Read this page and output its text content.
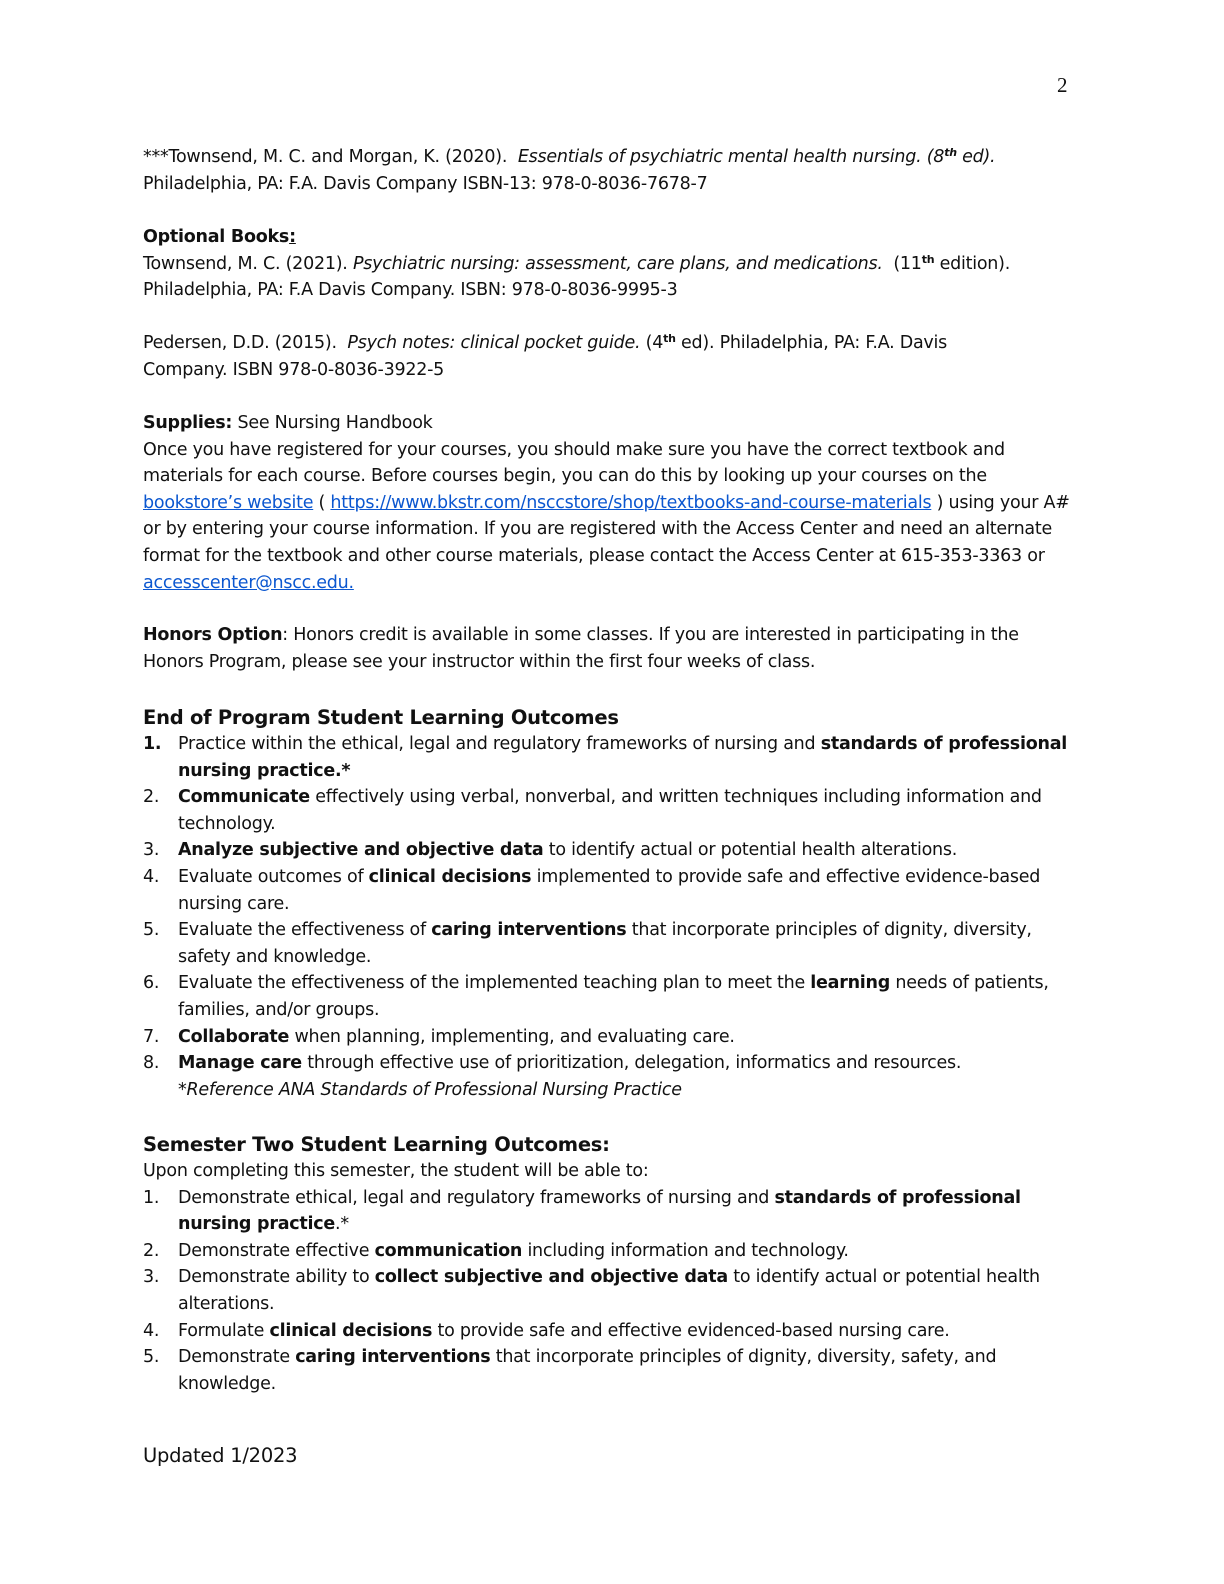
2

***Townsend, M. C. and Morgan, K. (2020). Essentials of psychiatric mental health nursing. (8th ed).

Philadelphia, PA: F.A. Davis Company ISBN-13: 978-0-8036-7678-7

Optional Books:

Townsend, M. C. (2021). Psychiatric nursing: assessment, care plans, and medications. (11th edition).

Philadelphia, PA: F.A Davis Company. ISBN: 978-0-8036-9995-3

Pedersen, D.D. (2015). Psych notes: clinical pocket guide. (4th ed). Philadelphia, PA: F.A. Davis

Company. ISBN 978-0-8036-3922-5

Supplies: See Nursing Handbook

Once you have registered for your courses, you should make sure you have the correct textbook and materials for each course. Before courses begin, you can do this by looking up your courses on the bookstore’s website ( https://www.bkstr.com/nsccstore/shop/textbooks-and-course-materials ) using your A# or by entering your course information. If you are registered with the Access Center and need an alternate format for the textbook and other course materials, please contact the Access Center at 615-353-3363 or accesscenter@nscc.edu.

Honors Option: Honors credit is available in some classes. If you are interested in participating in the Honors Program, please see your instructor within the first four weeks of class.

End of Program Student Learning Outcomes

1. Practice within the ethical, legal and regulatory frameworks of nursing and standards of professional nursing practice.*
2. Communicate effectively using verbal, nonverbal, and written techniques including information and technology.
3. Analyze subjective and objective data to identify actual or potential health alterations.
4. Evaluate outcomes of clinical decisions implemented to provide safe and effective evidence-based nursing care.
5. Evaluate the effectiveness of caring interventions that incorporate principles of dignity, diversity, safety and knowledge.
6. Evaluate the effectiveness of the implemented teaching plan to meet the learning needs of patients, families, and/or groups.
7. Collaborate when planning, implementing, and evaluating care.
8. Manage care through effective use of prioritization, delegation, informatics and resources.
*Reference ANA Standards of Professional Nursing Practice

Semester Two Student Learning Outcomes:

Upon completing this semester, the student will be able to:

1. Demonstrate ethical, legal and regulatory frameworks of nursing and standards of professional nursing practice.*
2. Demonstrate effective communication including information and technology.
3. Demonstrate ability to collect subjective and objective data to identify actual or potential health alterations.
4. Formulate clinical decisions to provide safe and effective evidenced-based nursing care.
5. Demonstrate caring interventions that incorporate principles of dignity, diversity, safety, and knowledge.
Updated 1/2023
